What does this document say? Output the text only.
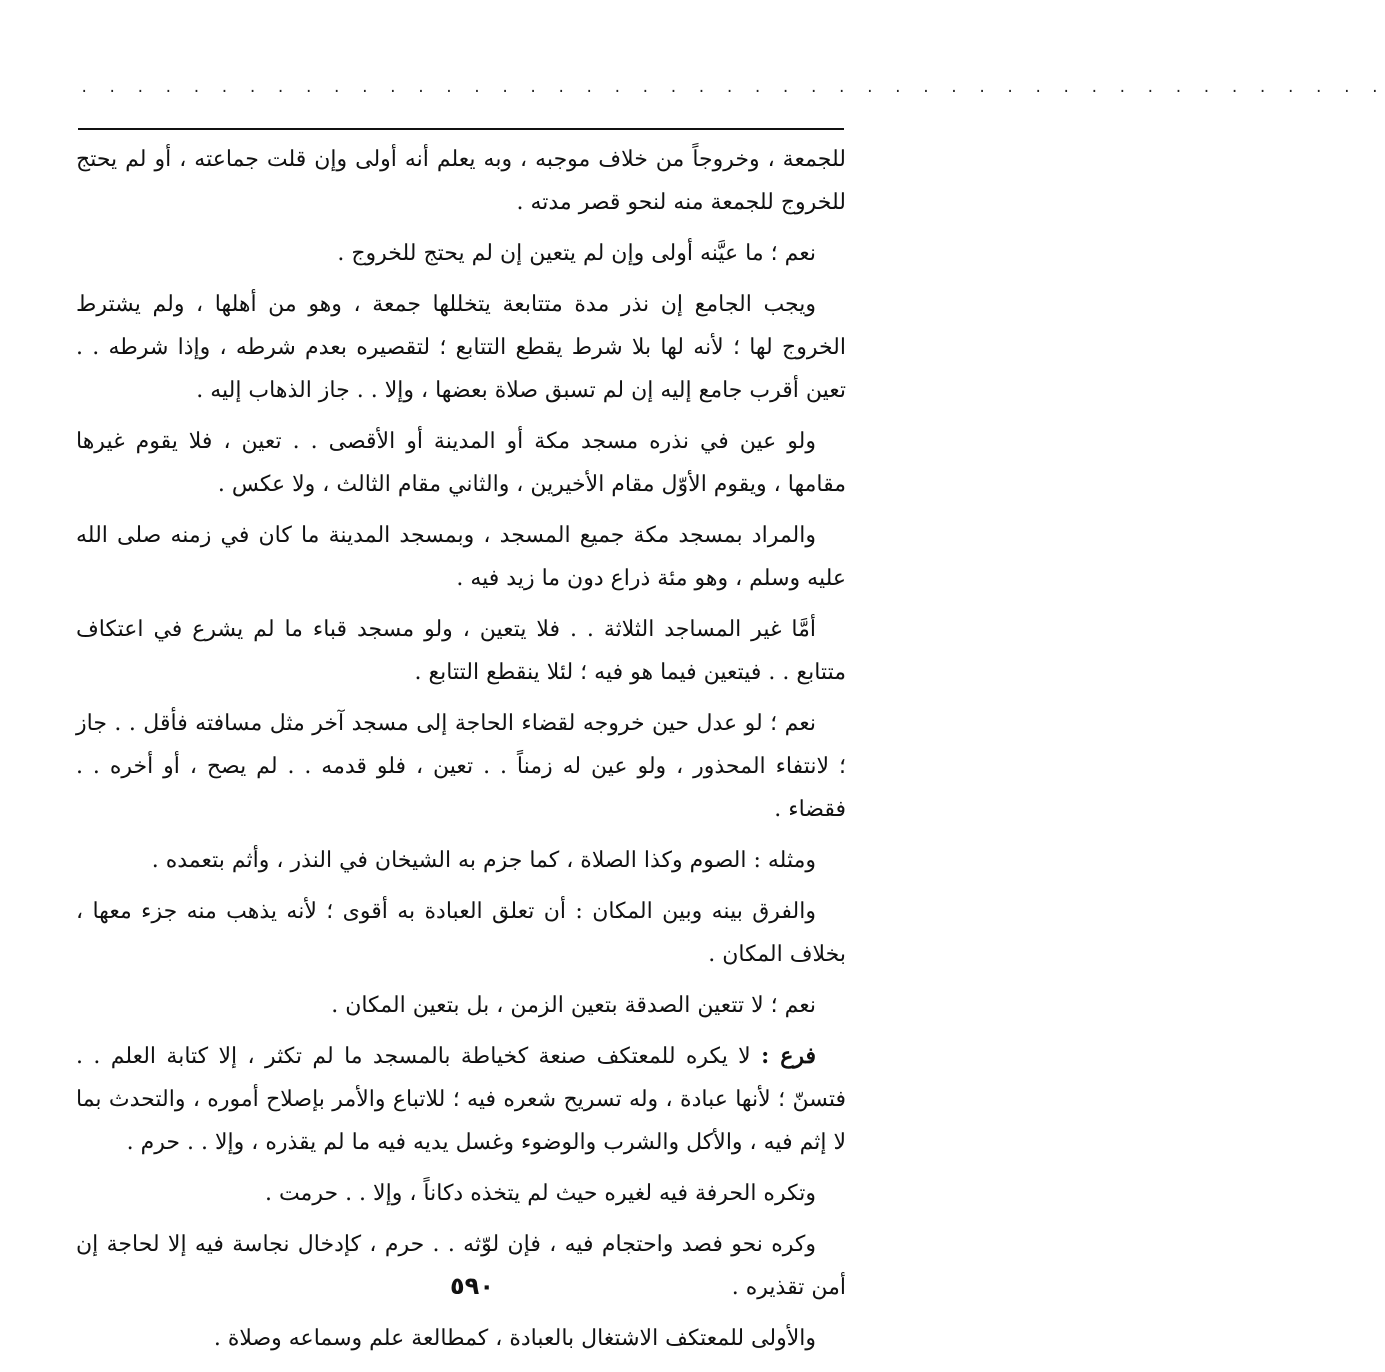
. . . . . . . . . . . . . . . . . . . . . . . . . . . . . . . . . . . . . . . . . . . . . . .

للجمعة ، وخروجاً من خلاف موجبه ، وبه يعلم أنه أولى وإن قلت جماعته ، أو لم يحتج للخروج للجمعة منه لنحو قصر مدته .

نعم ؛ ما عيَّنه أولى وإن لم يتعين إن لم يحتج للخروج .

ويجب الجامع إن نذر مدة متتابعة يتخللها جمعة ، وهو من أهلها ، ولم يشترط الخروج لها ؛ لأنه لها بلا شرط يقطع التتابع ؛ لتقصيره بعدم شرطه ، وإذا شرطه . . تعين أقرب جامع إليه إن لم تسبق صلاة بعضها ، وإلا . . جاز الذهاب إليه .

ولو عين في نذره مسجد مكة أو المدينة أو الأقصى . . تعين ، فلا يقوم غيرها مقامها ، ويقوم الأوّل مقام الأخيرين ، والثاني مقام الثالث ، ولا عكس .

والمراد بمسجد مكة جميع المسجد ، وبمسجد المدينة ما كان في زمنه صلى الله عليه وسلم ، وهو مئة ذراع دون ما زيد فيه .

أمَّا غير المساجد الثلاثة . . فلا يتعين ، ولو مسجد قباء ما لم يشرع في اعتكاف متتابع . . فيتعين فيما هو فيه ؛ لئلا ينقطع التتابع .

نعم ؛ لو عدل حين خروجه لقضاء الحاجة إلى مسجد آخر مثل مسافته فأقل . . جاز ؛ لانتفاء المحذور ، ولو عين له زمناً . . تعين ، فلو قدمه . . لم يصح ، أو أخره . . فقضاء .

ومثله : الصوم وكذا الصلاة ، كما جزم به الشيخان في النذر ، وأثم بتعمده .

والفرق بينه وبين المكان : أن تعلق العبادة به أقوى ؛ لأنه يذهب منه جزء معها ، بخلاف المكان .

نعم ؛ لا تتعين الصدقة بتعين الزمن ، بل بتعين المكان .

فرع : لا يكره للمعتكف صنعة كخياطة بالمسجد ما لم تكثر ، إلا كتابة العلم . . فتسنّ ؛ لأنها عبادة ، وله تسريح شعره فيه ؛ للاتباع والأمر بإصلاح أموره ، والتحدث بما لا إثم فيه ، والأكل والشرب والوضوء وغسل يديه فيه ما لم يقذره ، وإلا . . حرم .

وتكره الحرفة فيه لغيره حيث لم يتخذه دكاناً ، وإلا . . حرمت .

وكره نحو فصد واحتجام فيه ، فإن لوّثه . . حرم ، كإدخال نجاسة فيه إلا لحاجة إن أمن تقذيره .

والأولى للمعتكف الاشتغال بالعبادة ، كمطالعة علم وسماعه وصلاة .

٥٩٠
